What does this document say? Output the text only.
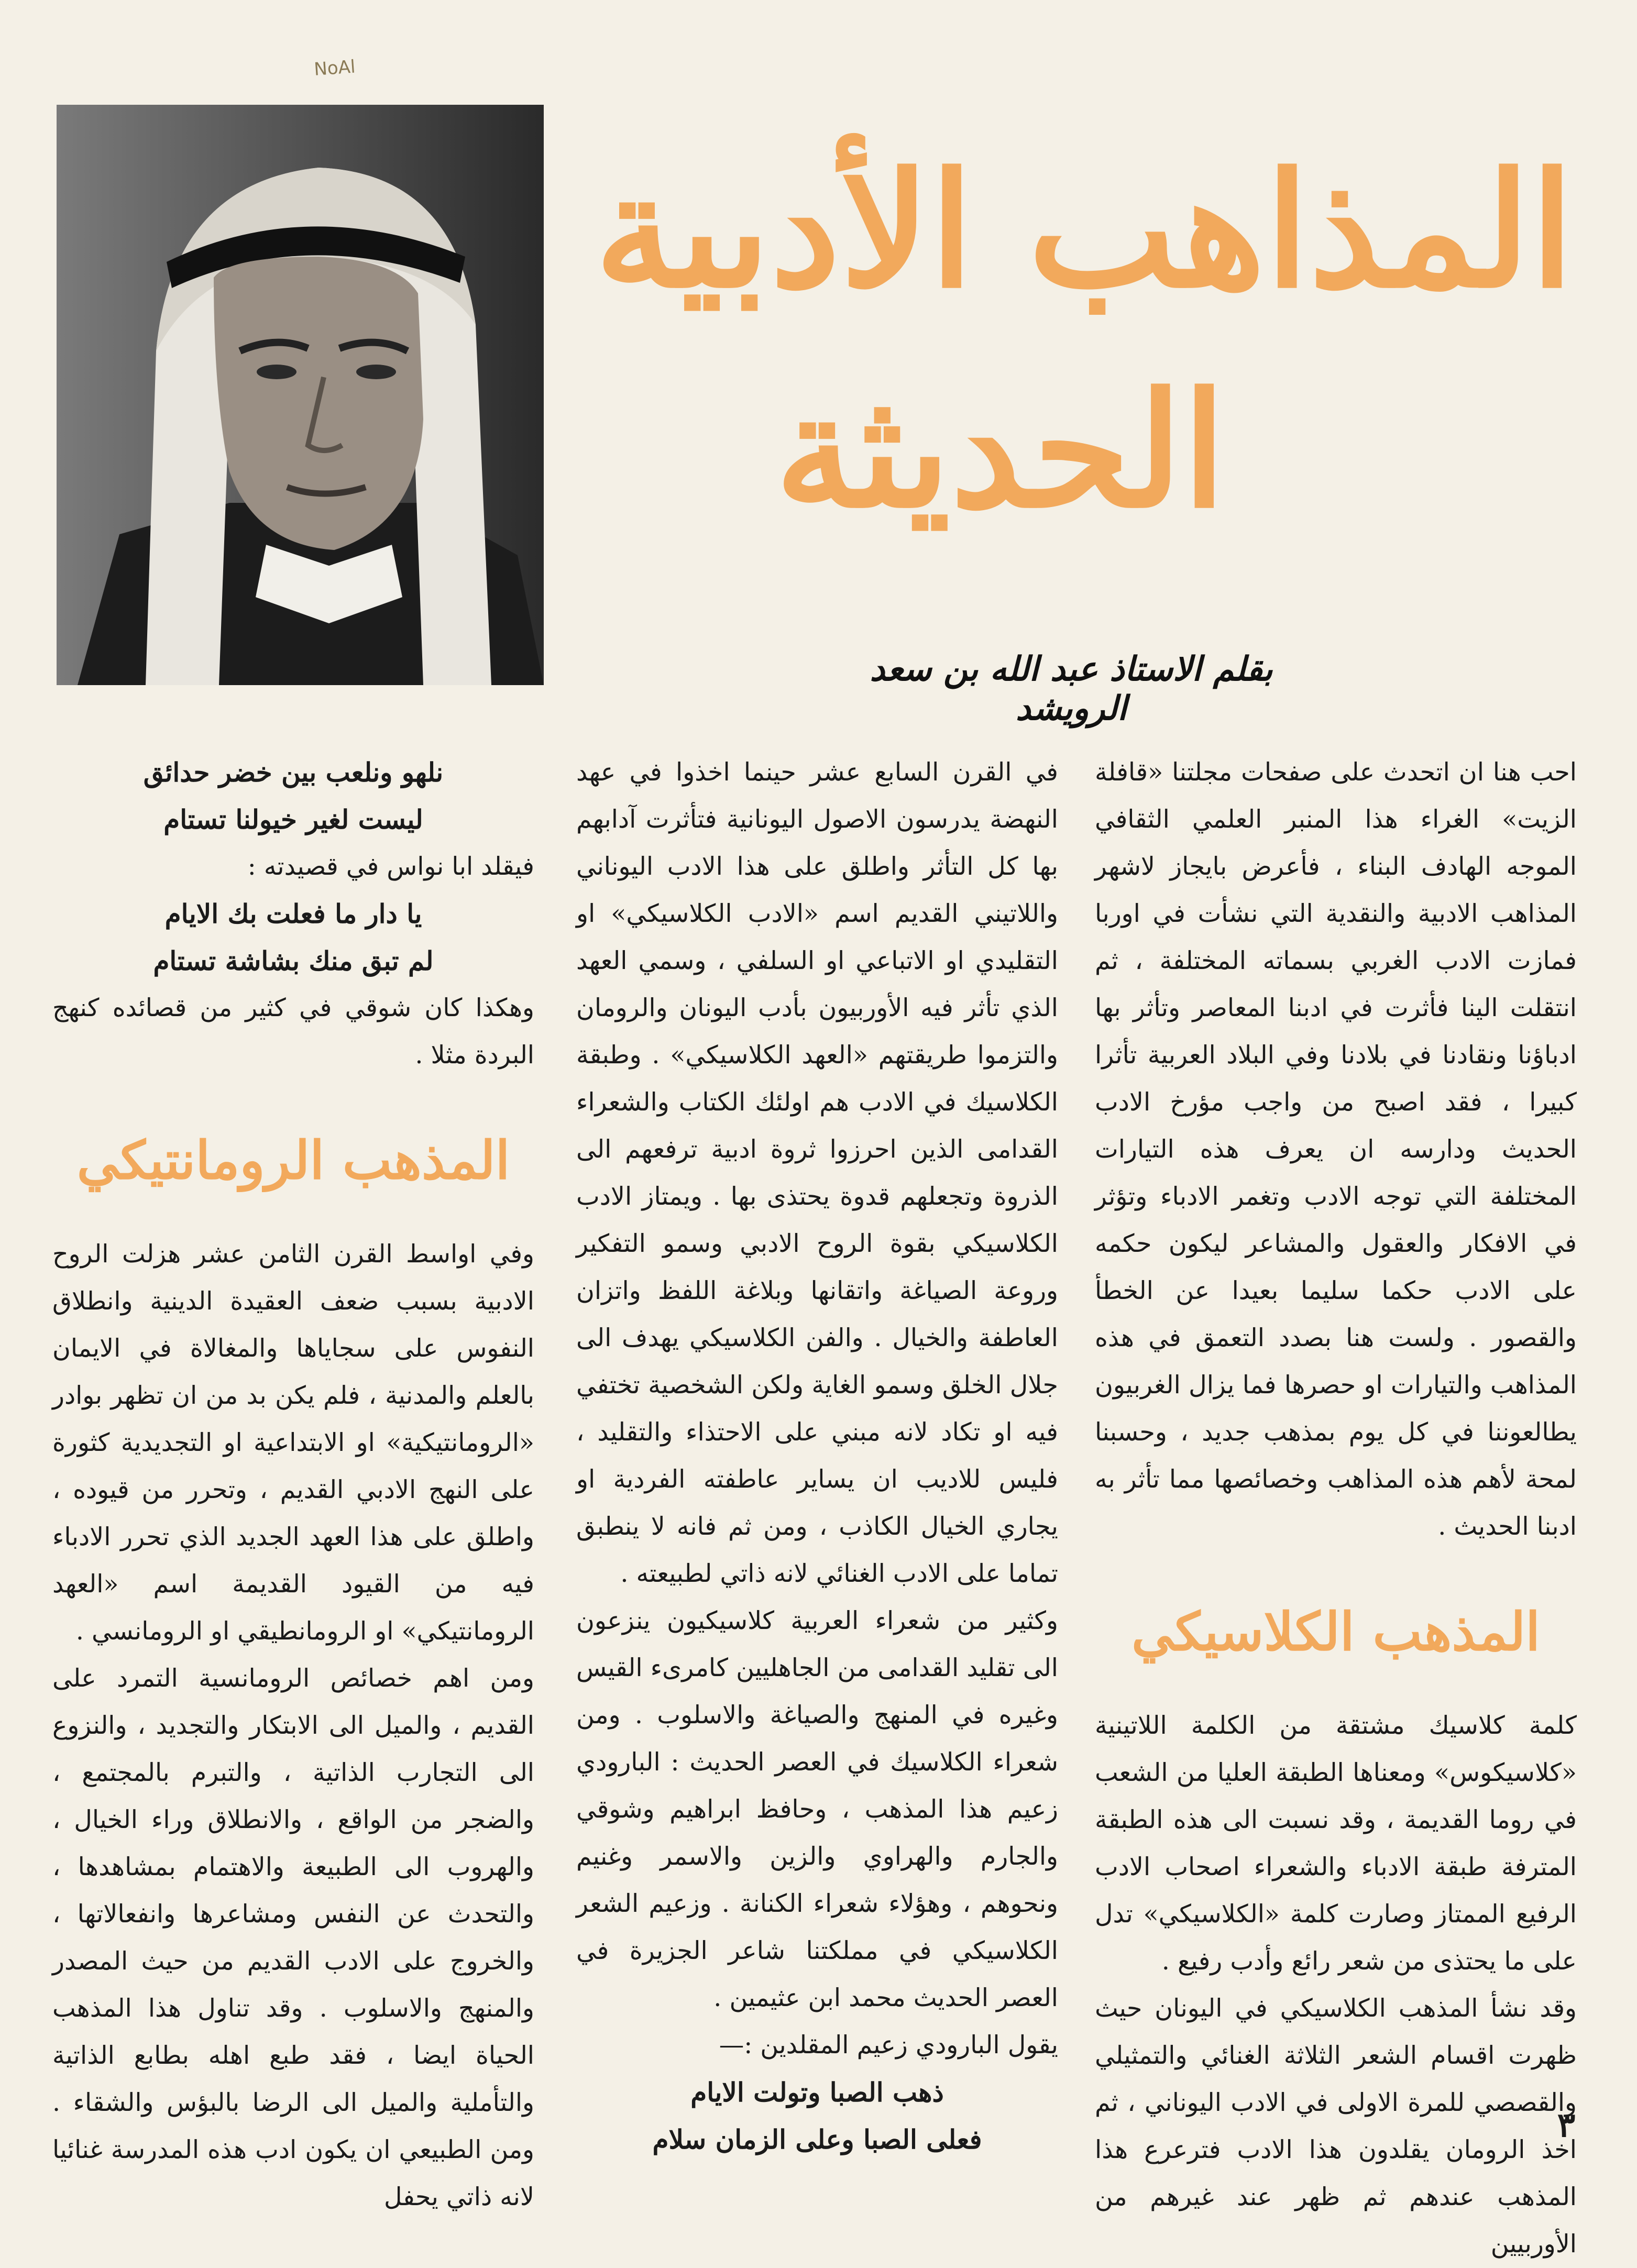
NoAl
المذاهب الأدبية
الحديثة
بقلم الاستاذ عبد الله بن سعد الرويشد

احب هنا ان اتحدث على صفحات مجلتنا «قافلة الزيت» الغراء هذا المنبر العلمي الثقافي الموجه الهادف البناء ، فأعرض بايجاز لاشهر المذاهب الادبية والنقدية التي نشأت في اوربا فمازت الادب الغربي بسماته المختلفة ، ثم انتقلت الينا فأثرت في ادبنا المعاصر وتأثر بها ادباؤنا ونقادنا في بلادنا وفي البلاد العربية تأثرا كبيرا ، فقد اصبح من واجب مؤرخ الادب الحديث ودارسه ان يعرف هذه التيارات المختلفة التي توجه الادب وتغمر الادباء وتؤثر في الافكار والعقول والمشاعر ليكون حكمه على الادب حكما سليما بعيدا عن الخطأ والقصور . ولست هنا بصدد التعمق في هذه المذاهب والتيارات او حصرها فما يزال الغربيون يطالعوننا في كل يوم بمذهب جديد ، وحسبنا لمحة لأهم هذه المذاهب وخصائصها مما تأثر به ادبنا الحديث .

المذهب الكلاسيكي

كلمة كلاسيك مشتقة من الكلمة اللاتينية «كلاسيكوس» ومعناها الطبقة العليا من الشعب في روما القديمة ، وقد نسبت الى هذه الطبقة المترفة طبقة الادباء والشعراء اصحاب الادب الرفيع الممتاز وصارت كلمة «الكلاسيكي» تدل على ما يحتذى من شعر رائع وأدب رفيع .

وقد نشأ المذهب الكلاسيكي في اليونان حيث ظهرت اقسام الشعر الثلاثة الغنائي والتمثيلي والقصصي للمرة الاولى في الادب اليوناني ، ثم اخذ الرومان يقلدون هذا الادب فترعرع هذا المذهب عندهم ثم ظهر عند غيرهم من الأوربيين

في القرن السابع عشر حينما اخذوا في عهد النهضة يدرسون الاصول اليونانية فتأثرت آدابهم بها كل التأثر واطلق على هذا الادب اليوناني واللاتيني القديم اسم «الادب الكلاسيكي» او التقليدي او الاتباعي او السلفي ، وسمي العهد الذي تأثر فيه الأوربيون بأدب اليونان والرومان والتزموا طريقتهم «العهد الكلاسيكي» . وطبقة الكلاسيك في الادب هم اولئك الكتاب والشعراء القدامى الذين احرزوا ثروة ادبية ترفعهم الى الذروة وتجعلهم قدوة يحتذى بها . ويمتاز الادب الكلاسيكي بقوة الروح الادبي وسمو التفكير وروعة الصياغة واتقانها وبلاغة اللفظ واتزان العاطفة والخيال . والفن الكلاسيكي يهدف الى جلال الخلق وسمو الغاية ولكن الشخصية تختفي فيه او تكاد لانه مبني على الاحتذاء والتقليد ، فليس للاديب ان يساير عاطفته الفردية او يجاري الخيال الكاذب ، ومن ثم فانه لا ينطبق تماما على الادب الغنائي لانه ذاتي لطبيعته .

وكثير من شعراء العربية كلاسيكيون ينزعون الى تقليد القدامى من الجاهليين كامرىء القيس وغيره في المنهج والصياغة والاسلوب . ومن شعراء الكلاسيك في العصر الحديث : البارودي زعيم هذا المذهب ، وحافظ ابراهيم وشوقي والجارم والهراوي والزين والاسمر وغنيم ونحوهم ، وهؤلاء شعراء الكنانة . وزعيم الشعر الكلاسيكي في مملكتنا شاعر الجزيرة في العصر الحديث محمد ابن عثيمين .

يقول البارودي زعيم المقلدين :—

ذهب الصبا وتولت الايام

فعلى الصبا وعلى الزمان سلام

نلهو ونلعب بين خضر حدائق

ليست لغير خيولنا تستام

فيقلد ابا نواس في قصيدته :

يا دار ما فعلت بك الايام

لم تبق منك بشاشة تستام

وهكذا كان شوقي في كثير من قصائده كنهج البردة مثلا .

المذهب الرومانتيكي

وفي اواسط القرن الثامن عشر هزلت الروح الادبية بسبب ضعف العقيدة الدينية وانطلاق النفوس على سجاياها والمغالاة في الايمان بالعلم والمدنية ، فلم يكن بد من ان تظهر بوادر «الرومانتيكية» او الابتداعية او التجديدية كثورة على النهج الادبي القديم ، وتحرر من قيوده ، واطلق على هذا العهد الجديد الذي تحرر الادباء فيه من القيود القديمة اسم «العهد الرومانتيكي» او الرومانطيقي او الرومانسي .

ومن اهم خصائص الرومانسية التمرد على القديم ، والميل الى الابتكار والتجديد ، والنزوع الى التجارب الذاتية ، والتبرم بالمجتمع ، والضجر من الواقع ، والانطلاق وراء الخيال ، والهروب الى الطبيعة والاهتمام بمشاهدها ، والتحدث عن النفس ومشاعرها وانفعالاتها ، والخروج على الادب القديم من حيث المصدر والمنهج والاسلوب . وقد تناول هذا المذهب الحياة ايضا ، فقد طبع اهله بطابع الذاتية والتأملية والميل الى الرضا بالبؤس والشقاء . ومن الطبيعي ان يكون ادب هذه المدرسة غنائيا لانه ذاتي يحفل

٣
